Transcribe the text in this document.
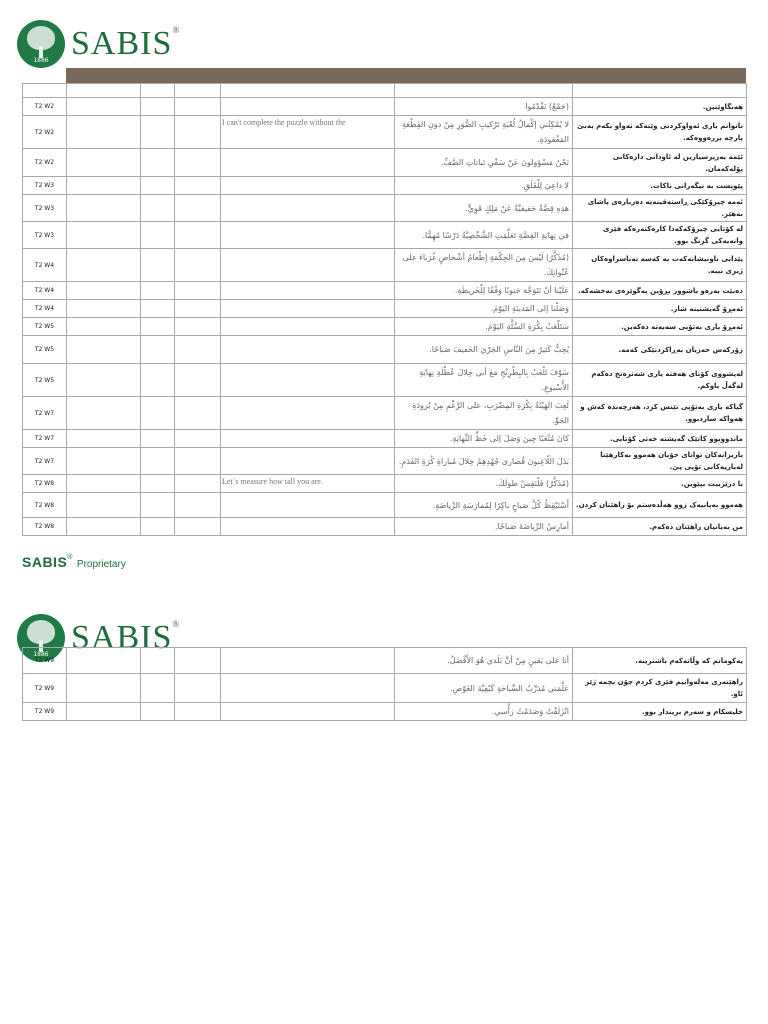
1886 SABIS®

T2 W2					(جَمْعٌ) نَقْدْمُوا	هەنگاوێنین.
T2 W2				I can't complete the puzzle without the	لا يُمْكِنُني إكْمالُ لُعْبَةِ تَرْكيبِ الصُّوَرِ مِنْ دونِ القِطْعَةِ المَفْقودَةِ.	ناتوانم یاری ئەواوکردنی وێنەکە تەواو بکەم بەبێ پارچە بزرەووەکە.
T2 W2					نَحْنُ مَسْؤولونَ عَنْ سَقْيِ نَباتاتِ الصَّفِّ.	ئێمە بەرپرسیارین لە ئاودانی دارەکانی پۆلەکەمان.
T2 W3					لا داعِيَ لِلْقَلَقِ.	پێویست بە نیگەرانی ناکات.
T2 W3					هذِهِ قِصَّةٌ حَقيقيَّةٌ عَنْ مَلِكٍ قَوِيٍّ.	ئەمە چیرۆکێکی ڕاستەقینەیە دەربارەی پاشای بەهێز.
T2 W3					في نِهايَةِ القِصَّةِ تَعَلَّمَتِ الشَّخْصِيَّةُ دَرْسًا مُهِمًّا.	لە کۆتایی چیرۆکەکەدا کارەکتەرەکە فێری وانەیەکی گرنگ بوو.
T2 W4					(مُذَكَّرٌ) لَيْسَ مِنَ الحِكْمَةِ إطْعامُ أشْخاصٍ غُرَباءَ على عُنْوانِكَ.	پێدانی ناونیشانەکەت بە کەسە نەناسراوەکان ژیری نییە.
T2 W4					عَلَيْنا أنْ نَتَوَجَّهَ جَنوبًا وَفْقًا لِلْخَريطَةِ.	دەبێت بەرەو باشوور بڕۆین بەگوێرەی نەخشەکە.
T2 W4					وَصَلْنا إلى المَدينَةِ اليَوْمَ.	ئەمڕۆ گەیشتینە شار.
T2 W5					سَتَلْعَبُ بِكُرَةِ السَّلَّةِ اليَوْمَ.	ئەمڕۆ یاری بەتۆپی سەبەتە دەکەین.
T2 W5					يُحِبُّ كَثيرٌ مِنَ النّاسِ الجَرْيَ الخَفيفَ صَباحًا.	زۆرکەس حەزیان بەڕاکردنێکی کەمە.
T2 W5					سَوْفَ تَلْعَبُ بِالبِطْرِنْجِ مَعَ أبي خِلالَ عُطْلَةِ نِهايَةِ الأُسْبوعِ.	لەپشووی کۆتای هەفتە یاری شەترەنج دەکەم لەگەڵ باوکم.
T2 W7					لَعِبَ الهَيْئَةُ بِكُرَةِ المِضْرَبِ، على الرَّغْمِ مِنْ بُرودَةِ الجَوِّ.	گیاکە یاری بەتۆپی تێنس کرد، هەرچەندە کەش و هەواکە ساردبوو.
T2 W7					كانَ مُتْعَبًا حِينَ وَصَلَ إلى خَطِّ النِّهايَةِ.	ماندووبوو کاتێک گەیشتە خەتی کۆتایی.
T2 W7					بَذَلَ اللّاعِبونَ قُصارى جُهْدِهِمْ خِلالَ مُباراةِ كُرَةِ القَدَمِ.	یاریزانەکان توانای خۆیان هەموو بەکارهێنا لەیاریەکانی تۆپی پێ.
T2 W8				Let´s measure how tall you are.	(مُذَكَّرٌ) فَلْنَقِسْ طولَكَ.	با درێژییت بپێوین.
T2 W8					أَسْتَيْقِظُ كُلَّ صَباحٍ باكِرًا لِمُمارَسَةِ الرِّياضَةِ.	هەموو بەیانیەک زوو هەڵدەستم بۆ راهێنان کردن.
T2 W8					أمارِسُ الرِّياضَةَ صَباحًا.	من بەیانیان راهێنان دەکەم.
SABIS® Proprietary
1886 SABIS®
T2 W9					أنا على يَقينٍ مِنْ أنَّ بَلَدي هُوَ الأَفْضَلُ.	یەکومانم کە وڵاتەکەم باشترینە.
T2 W9					عَلَّمَني مُدَرِّبُ السِّباحَةِ كَيْفِيَّةَ الغَوْصِ.	راهێنەری مەلەوانیم فێری کردم چۆن بچمە ژێر ئاو.
T2 W9					انْزَلَقْتُ وَصَدَمْتُ رَأْسي.	خلیسکام و سەرم بریندار بوو.
